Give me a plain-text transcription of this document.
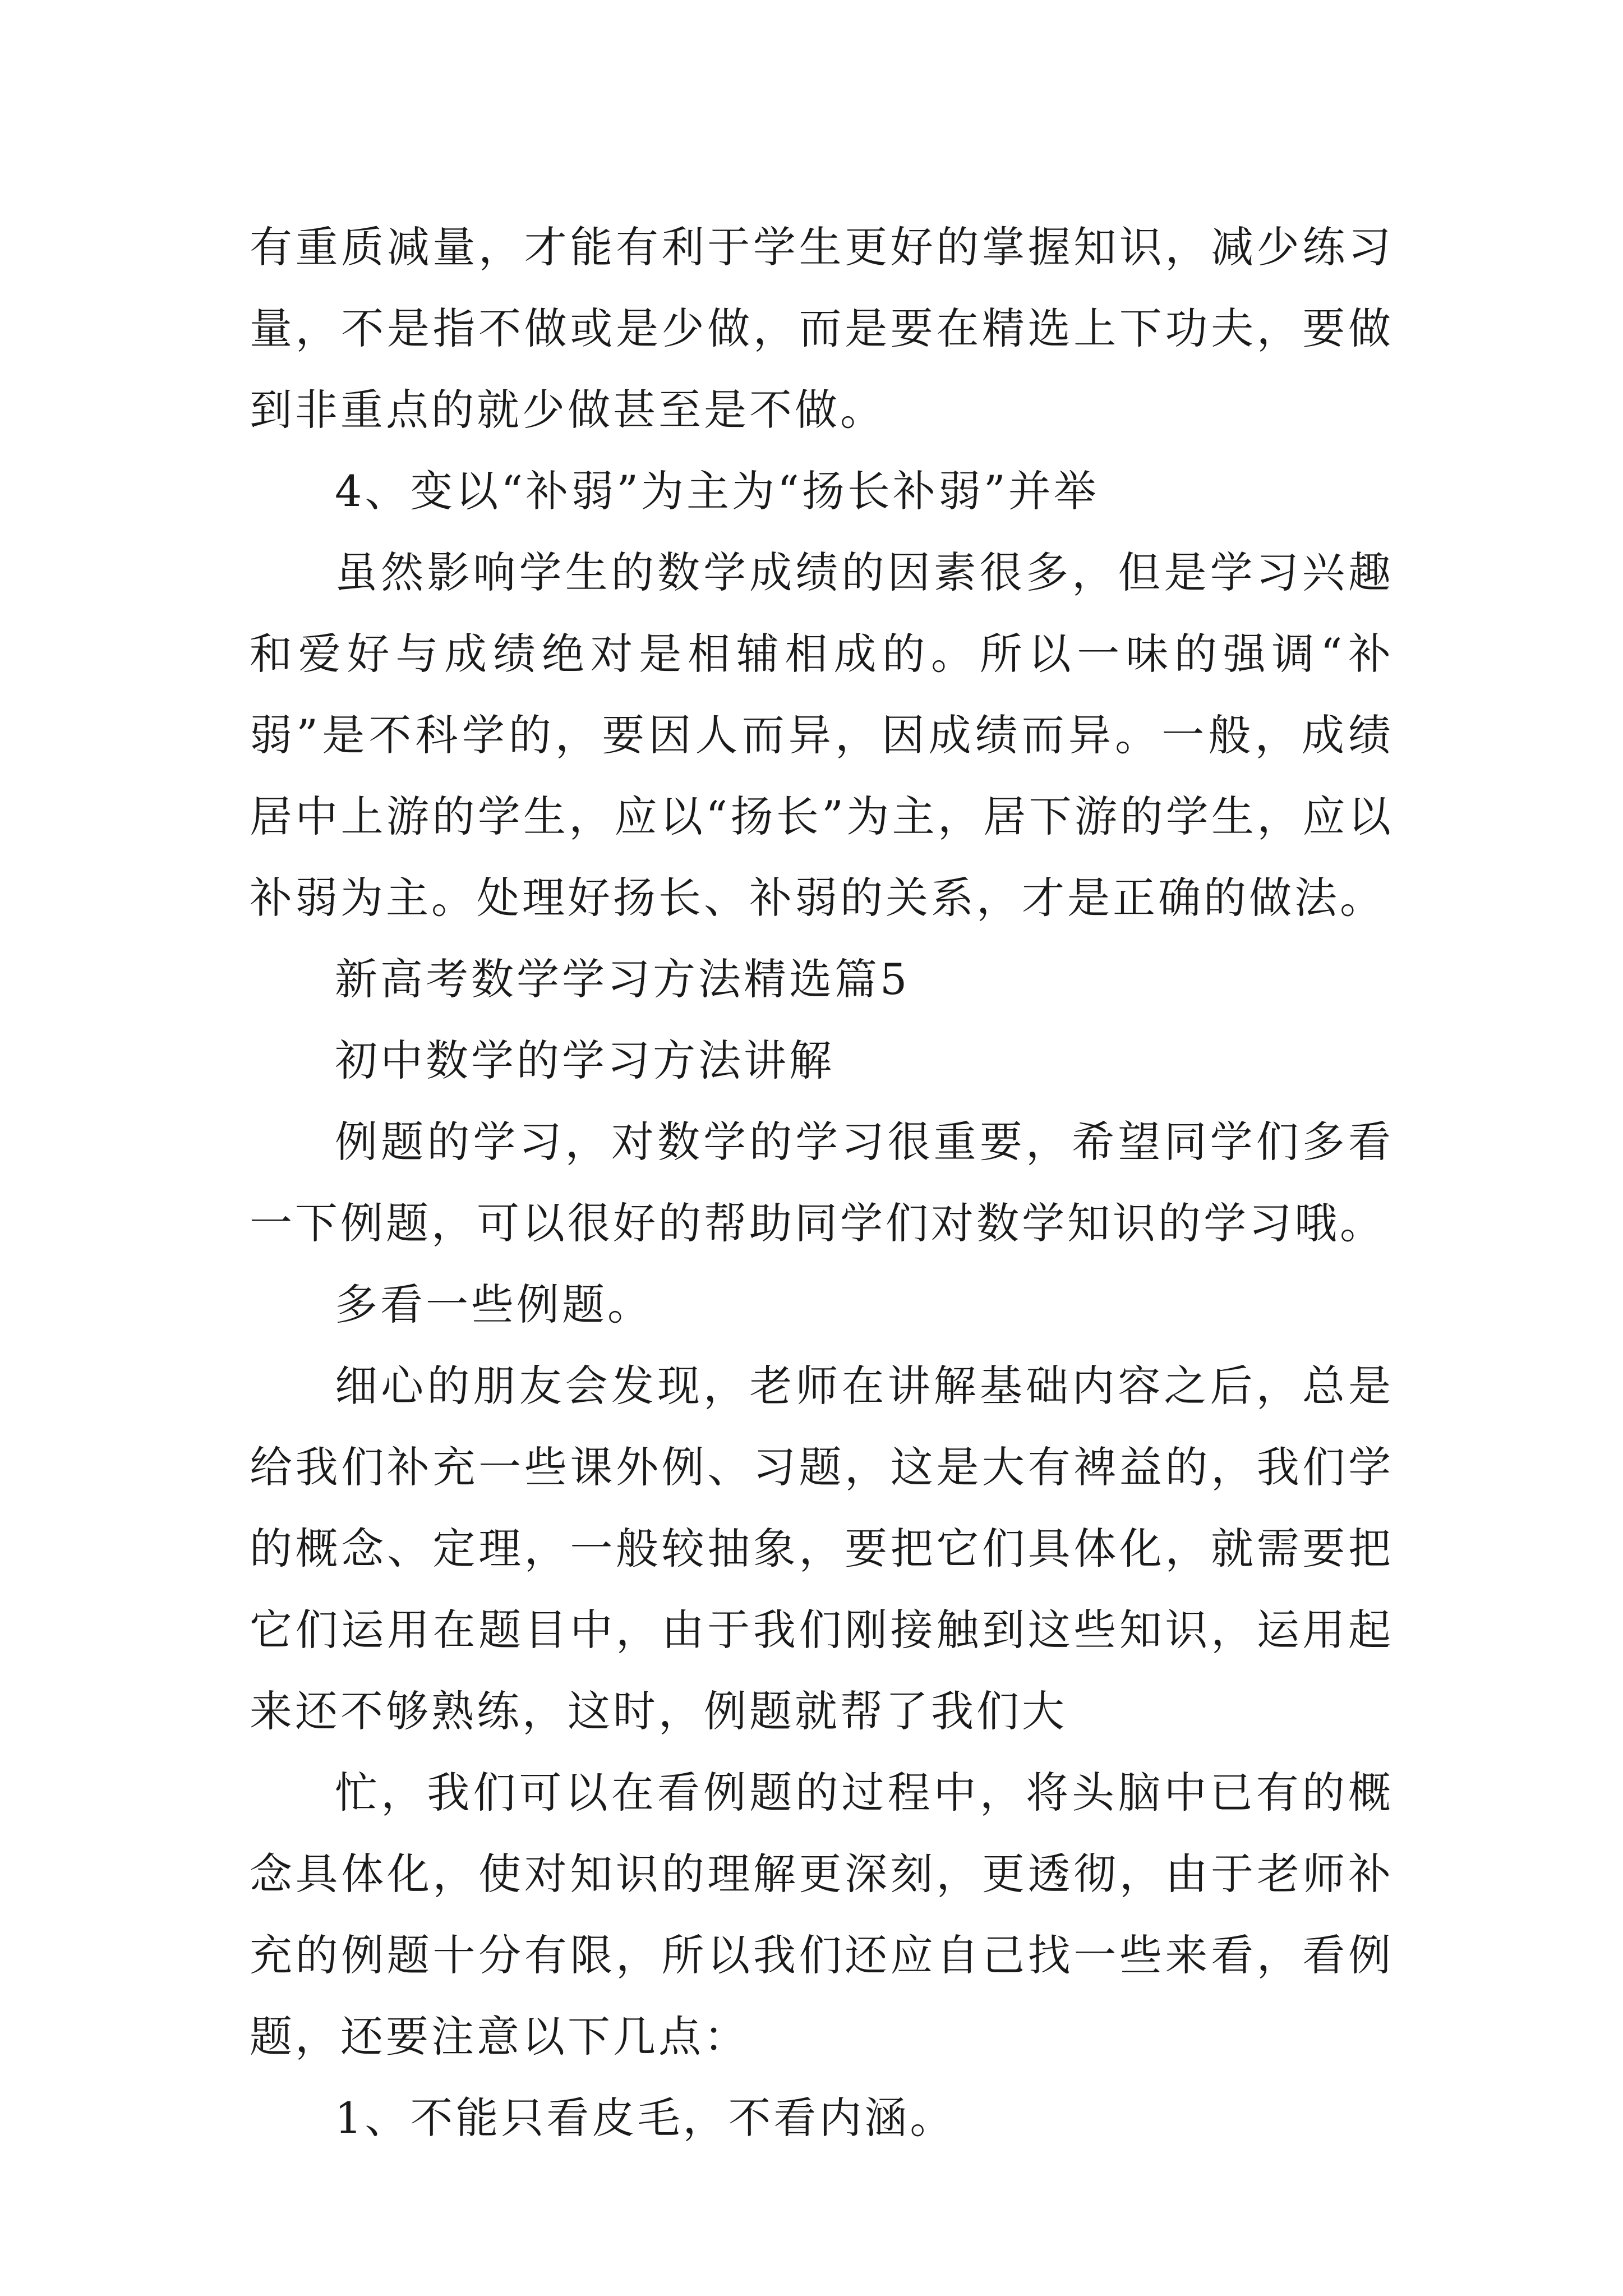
有重质减量，才能有利于学生更好的掌握知识，减少练习量，不是指不做或是少做，而是要在精选上下功夫，要做到非重点的就少做甚至是不做。

4、变以“补弱”为主为“扬长补弱”并举

虽然影响学生的数学成绩的因素很多，但是学习兴趣和爱好与成绩绝对是相辅相成的。所以一味的强调“补弱”是不科学的，要因人而异，因成绩而异。一般，成绩居中上游的学生，应以“扬长”为主，居下游的学生，应以补弱为主。处理好扬长、补弱的关系，才是正确的做法。

新高考数学学习方法精选篇5

初中数学的学习方法讲解

例题的学习，对数学的学习很重要，希望同学们多看一下例题，可以很好的帮助同学们对数学知识的学习哦。

多看一些例题。

细心的朋友会发现，老师在讲解基础内容之后，总是给我们补充一些课外例、习题，这是大有裨益的，我们学的概念、定理，一般较抽象，要把它们具体化，就需要把它们运用在题目中，由于我们刚接触到这些知识，运用起来还不够熟练，这时，例题就帮了我们大

忙，我们可以在看例题的过程中，将头脑中已有的概念具体化，使对知识的理解更深刻，更透彻，由于老师补充的例题十分有限，所以我们还应自己找一些来看，看例题，还要注意以下几点：

1、不能只看皮毛，不看内涵。
